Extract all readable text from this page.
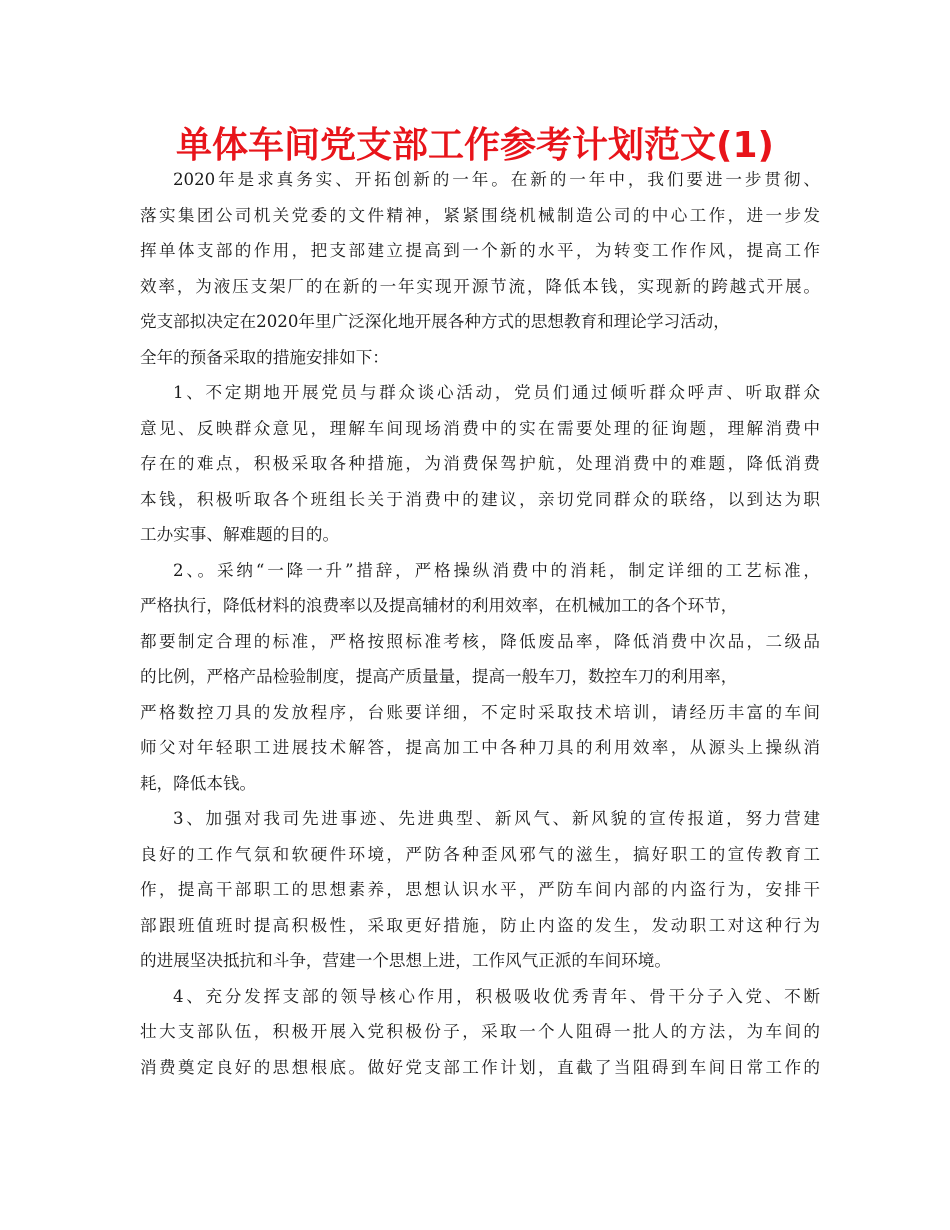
单体车间党支部工作参考计划范文(1)
2020年是求真务实、开拓创新的一年。在新的一年中，我们要进一步贯彻、
落实集团公司机关党委的文件精神，紧紧围绕机械制造公司的中心工作，进一步发
挥单体支部的作用，把支部建立提高到一个新的水平，为转变工作作风，提高工作
效率，为液压支架厂的在新的一年实现开源节流，降低本钱，实现新的跨越式开展。
党支部拟决定在2020年里广泛深化地开展各种方式的思想教育和理论学习活动，
全年的预备采取的措施安排如下：
1、不定期地开展党员与群众谈心活动，党员们通过倾听群众呼声、听取群众
意见、反映群众意见，理解车间现场消费中的实在需要处理的征询题，理解消费中
存在的难点，积极采取各种措施，为消费保驾护航，处理消费中的难题，降低消费
本钱，积极听取各个班组长关于消费中的建议，亲切党同群众的联络，以到达为职
工办实事、解难题的目的。
2、。采纳“一降一升”措辞，严格操纵消费中的消耗，制定详细的工艺标准，
严格执行，降低材料的浪费率以及提高辅材的利用效率，在机械加工的各个环节，
都要制定合理的标准，严格按照标准考核，降低废品率，降低消费中次品，二级品
的比例，严格产品检验制度，提高产质量量，提高一般车刀，数控车刀的利用率，
严格数控刀具的发放程序，台账要详细，不定时采取技术培训，请经历丰富的车间
师父对年轻职工进展技术解答，提高加工中各种刀具的利用效率，从源头上操纵消
耗，降低本钱。
3、加强对我司先进事迹、先进典型、新风气、新风貌的宣传报道，努力营建
良好的工作气氛和软硬件环境，严防各种歪风邪气的滋生，搞好职工的宣传教育工
作，提高干部职工的思想素养，思想认识水平，严防车间内部的内盗行为，安排干
部跟班值班时提高积极性，采取更好措施，防止内盗的发生，发动职工对这种行为
的进展坚决抵抗和斗争，营建一个思想上进，工作风气正派的车间环境。
4、充分发挥支部的领导核心作用，积极吸收优秀青年、骨干分子入党、不断
壮大支部队伍，积极开展入党积极份子，采取一个人阻碍一批人的方法，为车间的
消费奠定良好的思想根底。做好党支部工作计划，直截了当阻碍到车间日常工作的
